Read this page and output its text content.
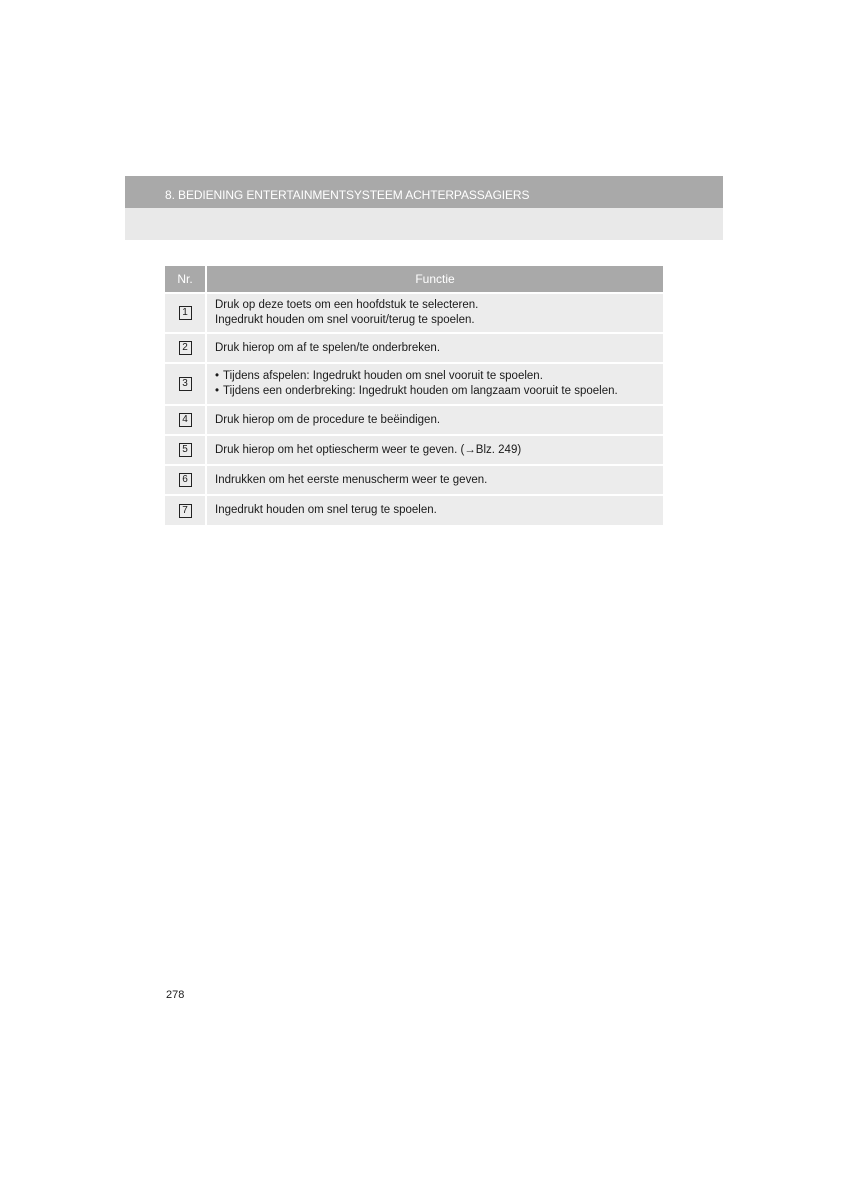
8. BEDIENING ENTERTAINMENTSYSTEEM ACHTERPASSAGIERS
Nr.	Functie
1	Druk op deze toets om een hoofdstuk te selecteren.
Ingedrukt houden om snel vooruit/terug te spoelen.

2	Druk hierop om af te spelen/te onderbreken.

3	• Tijdens afspelen: Ingedrukt houden om snel vooruit te spoelen.
• Tijdens een onderbreking: Ingedrukt houden om langzaam vooruit te spoelen.

4	Druk hierop om de procedure te beëindigen.

5	Druk hierop om het optiescherm weer te geven. (→Blz. 249)

6	Indrukken om het eerste menuscherm weer te geven.

7	Ingedrukt houden om snel terug te spoelen.
278
